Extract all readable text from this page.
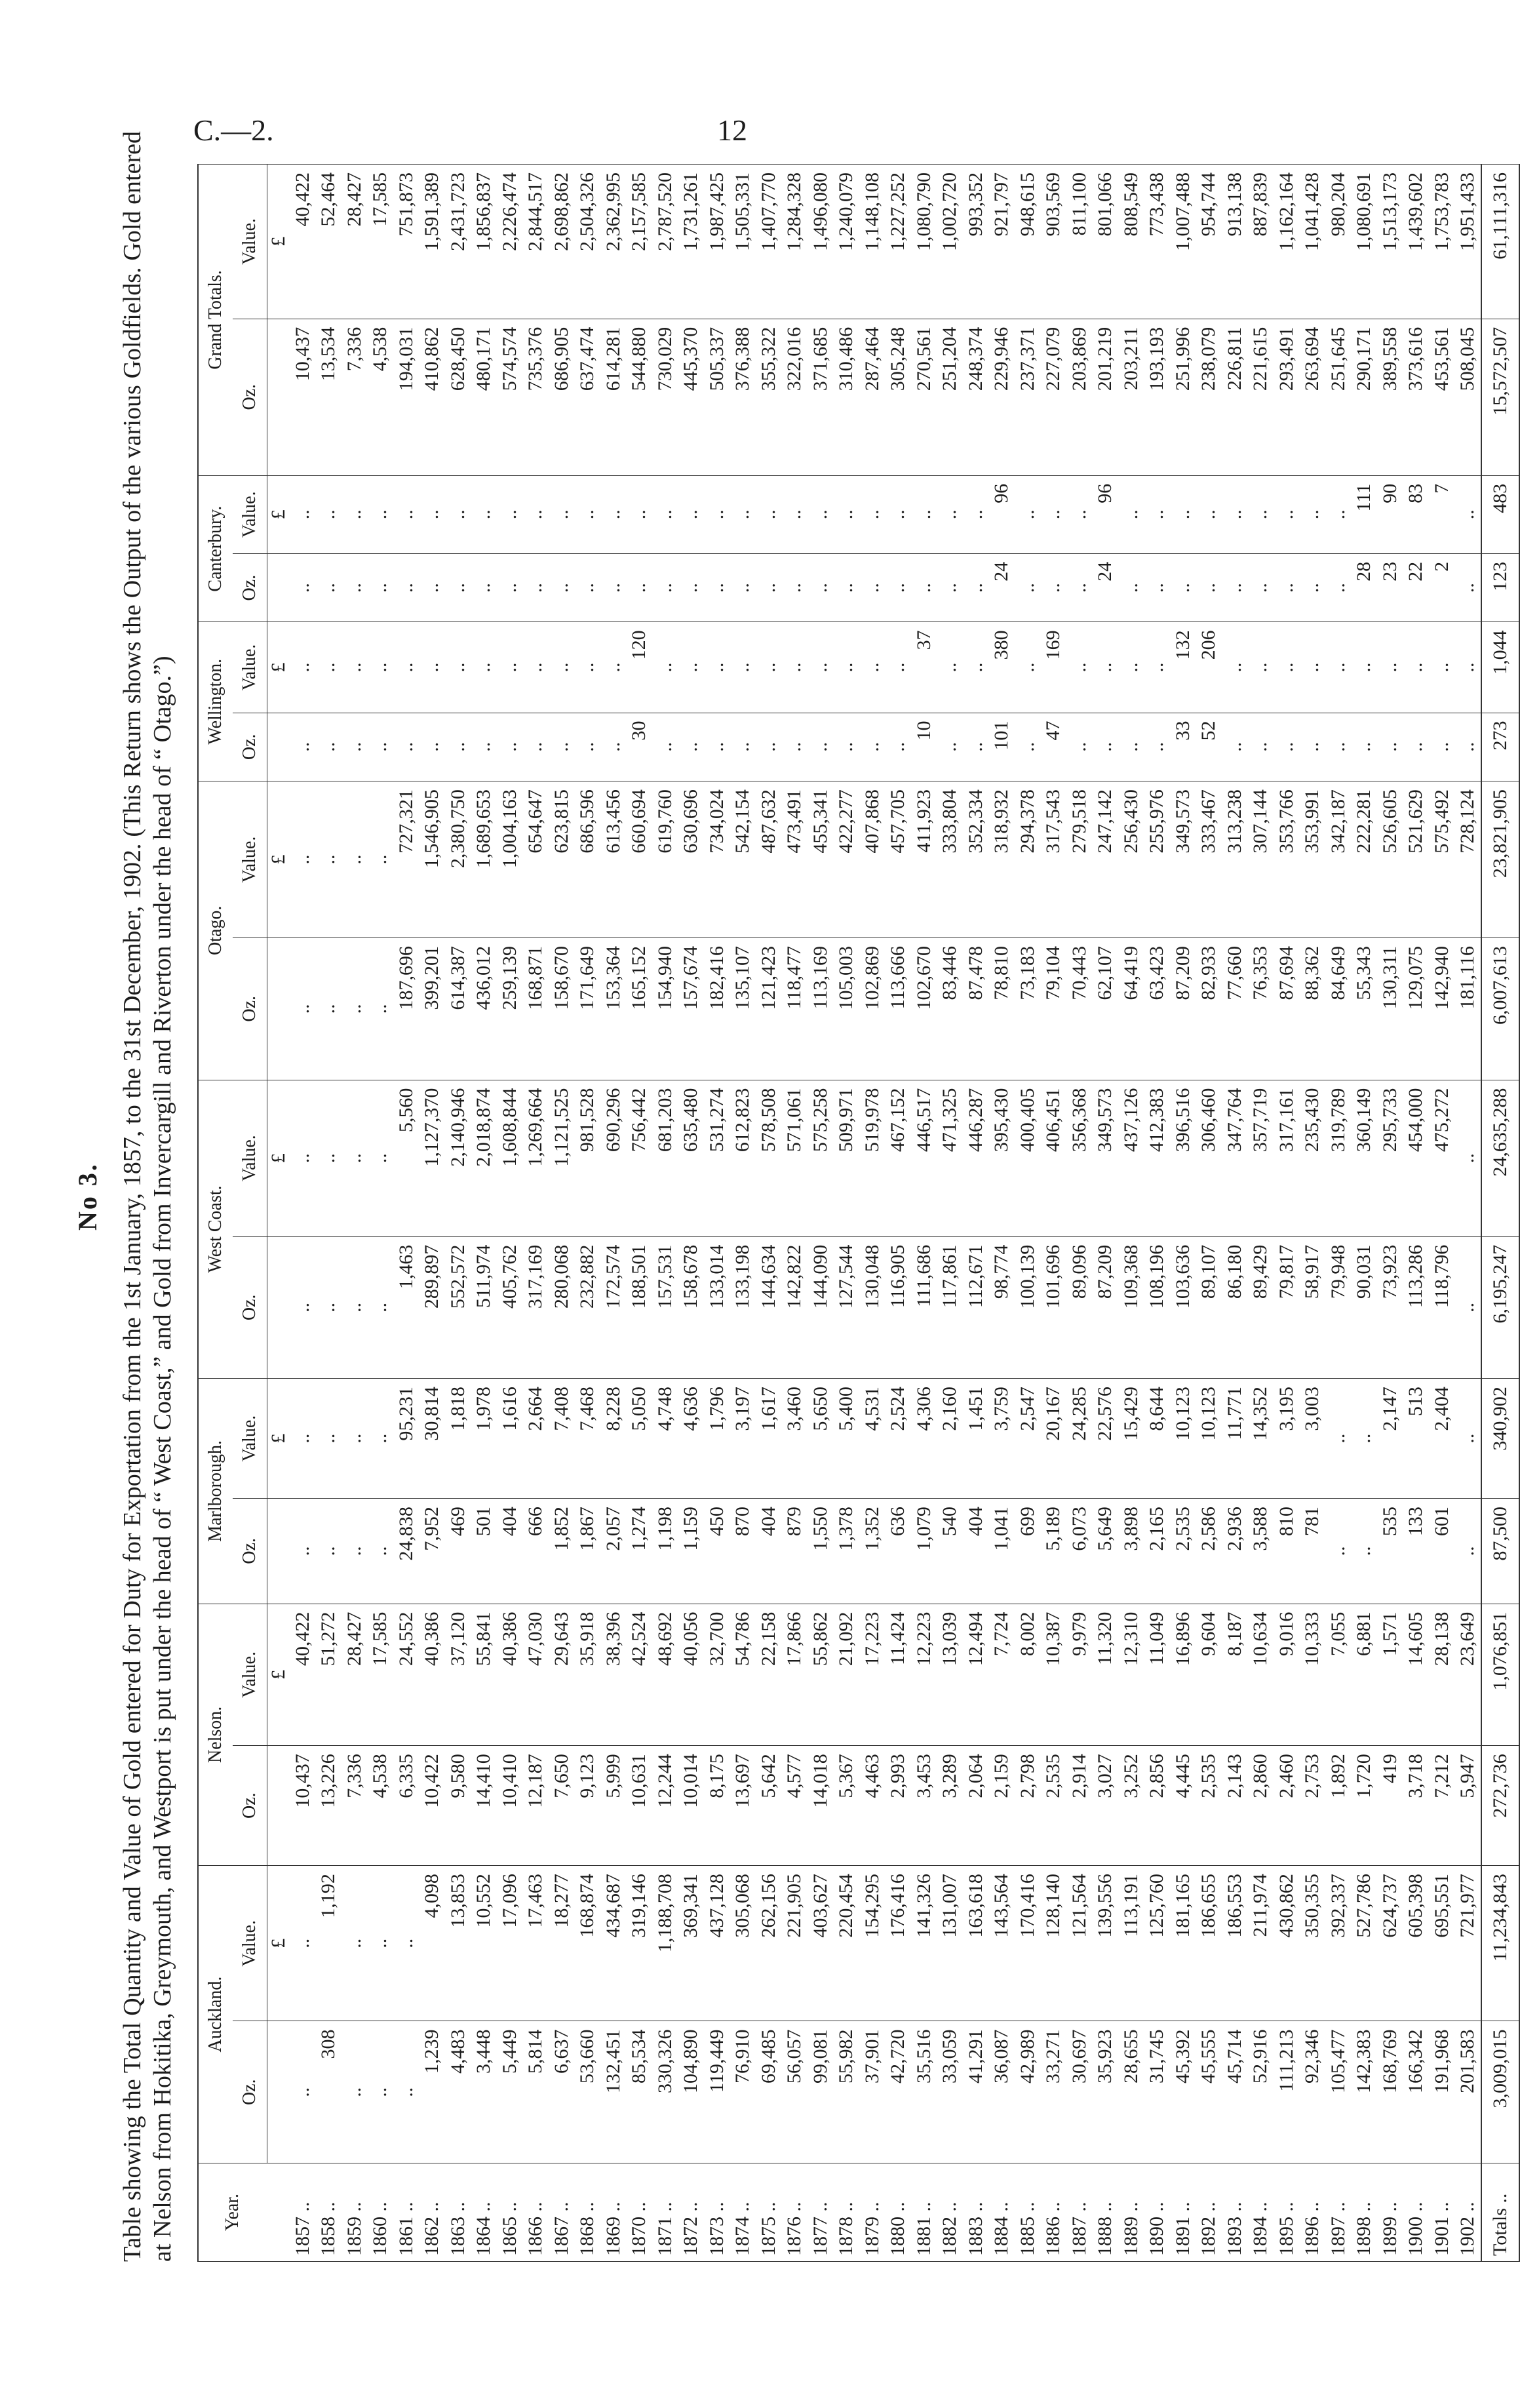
C.—2.	12
No 3. Table showing the Total Quantity and Value of Gold entered for Duty for Exportation from the 1st January, 1857, to the 31st December, 1902. (This Return shows the Output of the various Goldfields. Gold entered at Nelson from Hokitika, Greymouth, and Westport is put under the head of “ West Coast,” and Gold from Invercargill and Riverton under the head of “ Otago.”)	Year.	Auckland.		Nelson.		Marlborough.		West Coast.		Otago.		Wellington.		Canterbury.		Grand Totals.	
	Oz.	Value.	Oz.	Value.	Oz.	Value.	Oz.	Value.	Oz.	Value.	Oz.	Value.	Oz.	Value.	Oz.	Value.
		£		£		£		£		£		£		£		£
1857 ..	..	..	10,437	40,422	..	..	..	..	..	..	..	..	..	..	10,437	40,422
1858 ..	308	1,192	13,226	51,272	..	..	..	..	..	..	..	..	..	..	13,534	52,464
1859 ..	..	..	7,336	28,427	..	..	..	..	..	..	..	..	..	..	7,336	28,427
1860 ..	..	..	4,538	17,585	..	..	..	..	..	..	..	..	..	..	4,538	17,585
1861 ..	..	..	6,335	24,552	24,838	95,231	1,463	5,560	187,696	727,321	..	..	..	..	194,031	751,873
1862 ..	1,239	4,098	10,422	40,386	7,952	30,814	289,897	1,127,370	399,201	1,546,905	..	..	..	..	410,862	1,591,389
1863 ..	4,483	13,853	9,580	37,120	469	1,818	552,572	2,140,946	614,387	2,380,750	..	..	..	..	628,450	2,431,723
1864 ..	3,448	10,552	14,410	55,841	501	1,978	511,974	2,018,874	436,012	1,689,653	..	..	..	..	480,171	1,856,837
1865 ..	5,449	17,096	10,410	40,386	404	1,616	405,762	1,608,844	259,139	1,004,163	..	..	..	..	574,574	2,226,474
1866 ..	5,814	17,463	12,187	47,030	666	2,664	317,169	1,269,664	168,871	654,647	..	..	..	..	735,376	2,844,517
1867 ..	6,637	18,277	7,650	29,643	1,852	7,408	280,068	1,121,525	158,670	623,815	..	..	..	..	686,905	2,698,862
1868 ..	53,660	168,874	9,123	35,918	1,867	7,468	232,882	981,528	171,649	686,596	..	..	..	..	637,474	2,504,326
1869 ..	132,451	434,687	5,999	38,396	2,057	8,228	172,574	690,296	153,364	613,456	..	..	..	..	614,281	2,362,995
1870 ..	85,534	319,146	10,631	42,524	1,274	5,050	188,501	756,442	165,152	660,694	30	120	..	..	544,880	2,157,585
1871 ..	330,326	1,188,708	12,244	48,692	1,198	4,748	157,531	681,203	154,940	619,760	..	..	..	..	730,029	2,787,520
1872 ..	104,890	369,341	10,014	40,056	1,159	4,636	158,678	635,480	157,674	630,696	..	..	..	..	445,370	1,731,261
1873 ..	119,449	437,128	8,175	32,700	450	1,796	133,014	531,274	182,416	734,024	..	..	..	..	505,337	1,987,425
1874 ..	76,910	305,068	13,697	54,786	870	3,197	133,198	612,823	135,107	542,154	..	..	..	..	376,388	1,505,331
1875 ..	69,485	262,156	5,642	22,158	404	1,617	144,634	578,508	121,423	487,632	..	..	..	..	355,322	1,407,770
1876 ..	56,057	221,905	4,577	17,866	879	3,460	142,822	571,061	118,477	473,491	..	..	..	..	322,016	1,284,328
1877 ..	99,081	403,627	14,018	55,862	1,550	5,650	144,090	575,258	113,169	455,341	..	..	..	..	371,685	1,496,080
1878 ..	55,982	220,454	5,367	21,092	1,378	5,400	127,544	509,971	105,003	422,277	..	..	..	..	310,486	1,240,079
1879 ..	37,901	154,295	4,463	17,223	1,352	4,531	130,048	519,978	102,869	407,868	..	..	..	..	287,464	1,148,108
1880 ..	42,720	176,416	2,993	11,424	636	2,524	116,905	467,152	113,666	457,705	..	..	..	..	305,248	1,227,252
1881 ..	35,516	141,326	3,453	12,223	1,079	4,306	111,686	446,517	102,670	411,923	10	37	..	..	270,561	1,080,790
1882 ..	33,059	131,007	3,289	13,039	540	2,160	117,861	471,325	83,446	333,804	..	..	..	..	251,204	1,002,720
1883 ..	41,291	163,618	2,064	12,494	404	1,451	112,671	446,287	87,478	352,334	..	..	..	..	248,374	993,352
1884 ..	36,087	143,564	2,159	7,724	1,041	3,759	98,774	395,430	78,810	318,932	101	380	24	96	229,946	921,797
1885 ..	42,989	170,416	2,798	8,002	699	2,547	100,139	400,405	73,183	294,378	..	..	..	..	237,371	948,615
1886 ..	33,271	128,140	2,535	10,387	5,189	20,167	101,696	406,451	79,104	317,543	47	169	..	..	227,079	903,569
1887 ..	30,697	121,564	2,914	9,979	6,073	24,285	89,096	356,368	70,443	279,518	..	..	..	..	203,869	811,100
1888 ..	35,923	139,556	3,027	11,320	5,649	22,576	87,209	349,573	62,107	247,142	..	..	24	96	201,219	801,066
1889 ..	28,655	113,191	3,252	12,310	3,898	15,429	109,368	437,126	64,419	256,430	..	..	..	..	203,211	808,549
1890 ..	31,745	125,760	2,856	11,049	2,165	8,644	108,196	412,383	63,423	255,976	..	..	..	..	193,193	773,438
1891 ..	45,392	181,165	4,445	16,896	2,535	10,123	103,636	396,516	87,209	349,573	33	132	..	..	251,996	1,007,488
1892 ..	45,555	186,655	2,535	9,604	2,586	10,123	89,107	306,460	82,933	333,467	52	206	..	..	238,079	954,744
1893 ..	45,714	186,553	2,143	8,187	2,936	11,771	86,180	347,764	77,660	313,238	..	..	..	..	226,811	913,138
1894 ..	52,916	211,974	2,860	10,634	3,588	14,352	89,429	357,719	76,353	307,144	..	..	..	..	221,615	887,839
1895 ..	111,213	430,862	2,460	9,016	810	3,195	79,817	317,161	87,694	353,766	..	..	..	..	293,491	1,162,164
1896 ..	92,346	350,355	2,753	10,333	781	3,003	58,917	235,430	88,362	353,991	..	..	..	..	263,694	1,041,428
1897 ..	105,477	392,337	1,892	7,055	..	..	79,948	319,789	84,649	342,187	..	..	..	..	251,645	980,204
1898 ..	142,383	527,786	1,720	6,881	..	..	90,031	360,149	55,343	222,281	..	..	28	111	290,171	1,080,691
1899 ..	168,769	624,737	419	1,571	535	2,147	73,923	295,733	130,311	526,605	..	..	23	90	389,558	1,513,173
1900 ..	166,342	605,398	3,718	14,605	133	513	113,286	454,000	129,075	521,629	..	..	22	83	373,616	1,439,602
1901 ..	191,968	695,551	7,212	28,138	601	2,404	118,796	475,272	142,940	575,492	..	..	2	7	453,561	1,753,783
1902 ..	201,583	721,977	5,947	23,649	..	..	..	..	181,116	728,124	..	..	..	..	508,045	1,951,433
Totals ..	3,009,015	11,234,843	272,736	1,076,851	87,500	340,902	6,195,247	24,635,288	6,007,613	23,821,905	273	1,044	123	483	15,572,507	61,111,316
